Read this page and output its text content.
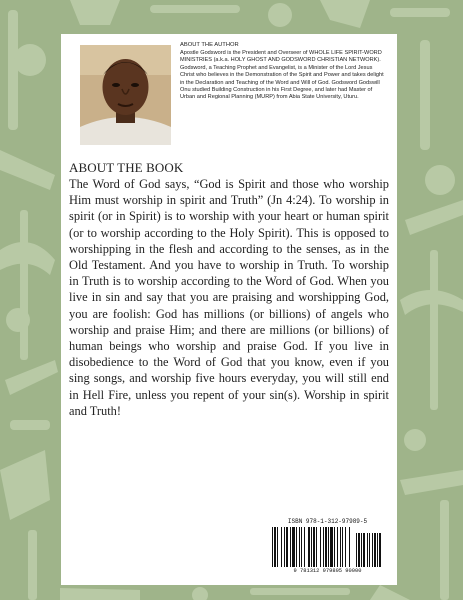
ABOUT THE AUTHOR
Apostle Godsword is the President and Overseer of WHOLE LIFE SPIRIT-WORD MINISTRIES (a.k.a. HOLY GHOST AND GODSWORD CHRISTIAN NETWORK). Godsword, a Teaching Prophet and Evangelist, is a Minister of the Lord Jesus Christ who believes in the Demonstration of the Spirit and Power and takes delight in the Declaration and Teaching of the Word and Will of God. Godsword Godswill Onu studied Building Construction in his First Degree, and later had Master of Urban and Regional Planning (MURP) from Abia State University, Uturu.
ABOUT THE BOOK

The Word of God says, “God is Spirit and those who worship Him must worship in spirit and Truth” (Jn 4:24). To worship in spirit (or in Spirit) is to worship with your heart or human spirit (or to worship according to the Holy Spirit). This is opposed to worshipping in the flesh and according to the senses, as in the Old Testament. And you have to worship in Truth. To worship in Truth is to worship according to the Word of God. When you live in sin and say that you are praising and worshipping God, you are foolish: God has millions (or billions) of angels who worship and praise Him; and there are millions (or billions) of human beings who worship and praise God. If you live in disobedience to the Word of God that you know, even if you sing songs, and worship five hours everyday, you will still end in Hell Fire, unless you repent of your sin(s). Worship in spirit and Truth!

ISBN 978-1-312-97989-5
9 781312 979895 90000
